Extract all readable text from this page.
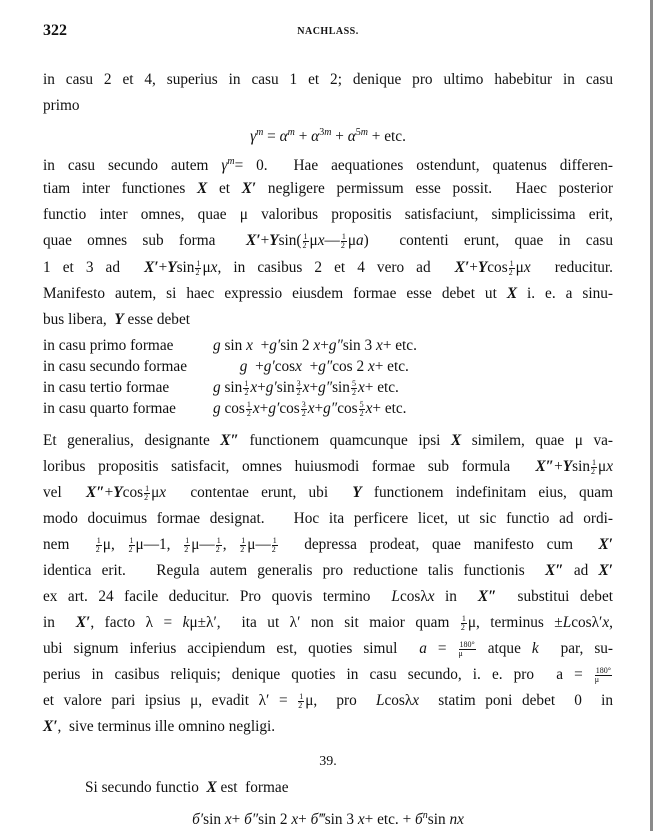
322	NACHLASS.
in casu 2 et 4, superius in casu 1 et 2; denique pro ultimo habebitur in casu
primo
$\gamma^m = \alpha^m + \alpha^{3m} + \alpha^{5m}$ + etc.
in casu secundo autem $\gamma^m= 0$.  Hae aequationes ostendunt, quatenus differen-
tiam inter functiones X et X′ negligere permissum esse possit.  Haec posterior
functio inter omnes, quae μ valoribus propositis satisfaciunt, simplicissima erit,
quae omnes sub forma  $X'+Ysin( \frac{1}{2}$ μx— $\frac{1}{2} \mu a$)  contenti erunt, quae in casu
1 et 3 ad  $X'+Ysin \frac{1}{2} \mu x$, in casibus 2 et 4 vero ad  $X'+Ycos \frac{1}{2}$ μx  reducitur.
Manifesto autem, si haec expressio eiusdem formae esse debet ut X i. e. a sinu-
bus libera,  Y esse debet
in casu primo formae	g sin x  +g′sin 2 x+g″sin 3 x+ etc.
in casu secundo formae	g  +g′cosx  +g″cos 2 x+ etc.
in casu tertio formae	g $\sin \frac{1}{2} x+g'\sin \frac{3}{2} x+g''\sin \frac{5}{2} x+$ etc.
in casu quarto formae g $\cos \frac{1}{2} x+g'\cos \frac{3}{2} x+g''\cos \frac{5}{2} x+$ etc.
Et generalius, designante X″ functionem quamcunque ipsi X similem, quae μ va-
loribus propositis satisfacit, omnes huiusmodi formae sub formula  $X''+Ysin \frac{1}{2}$ μx
vel  $X''+Ycos \frac{1}{2}$ μx  contentae erunt, ubi  Y functionem indefinitam eius, quam
modo docuimus formae designat.   Hoc ita perficere licet, ut sic functio ad ordi-
nem $\frac{1}{2} \mu$, $\frac{1}{2}$ μ—1, $\frac{1}{2}$ μ— $\frac{1}{2}$ , $\frac{1}{2}$ μ— $\frac{1}{2}$ depressa prodeat, quae manifesto cum  X′
identica erit.   Regula autem generalis pro reductione talis functionis  X″ ad X′
ex art. 24 facile deducitur. Pro quovis termino  Lcosλx in  X″  substitui debet
in  X′, facto λ = kμ±λ′,  ita ut λ′ non sit maior quam $\frac{1}{2} \mu$, terminus ±Lcosλ′x,
ubi signum inferius accipiendum est, quoties simul  $a = \frac{180^\circ}{\mu}$ atque k  par, su-
perius in casibus reliquis; denique quoties in casu secundo, i. e. pro  $a = \frac{180^\circ}{\mu}$
et valore pari ipsius μ, evadit $\lambda' = \frac{1}{2} \mu$,  pro  Lcosλx  statim poni debet  0  in
X′,  sive terminus ille omnino negligi.
39.
Si secundo functio  X est  formae
б′sin x+ б″sin 2 x+ б‴sin 3 x+ etc. + $б^n\sin$ nx
